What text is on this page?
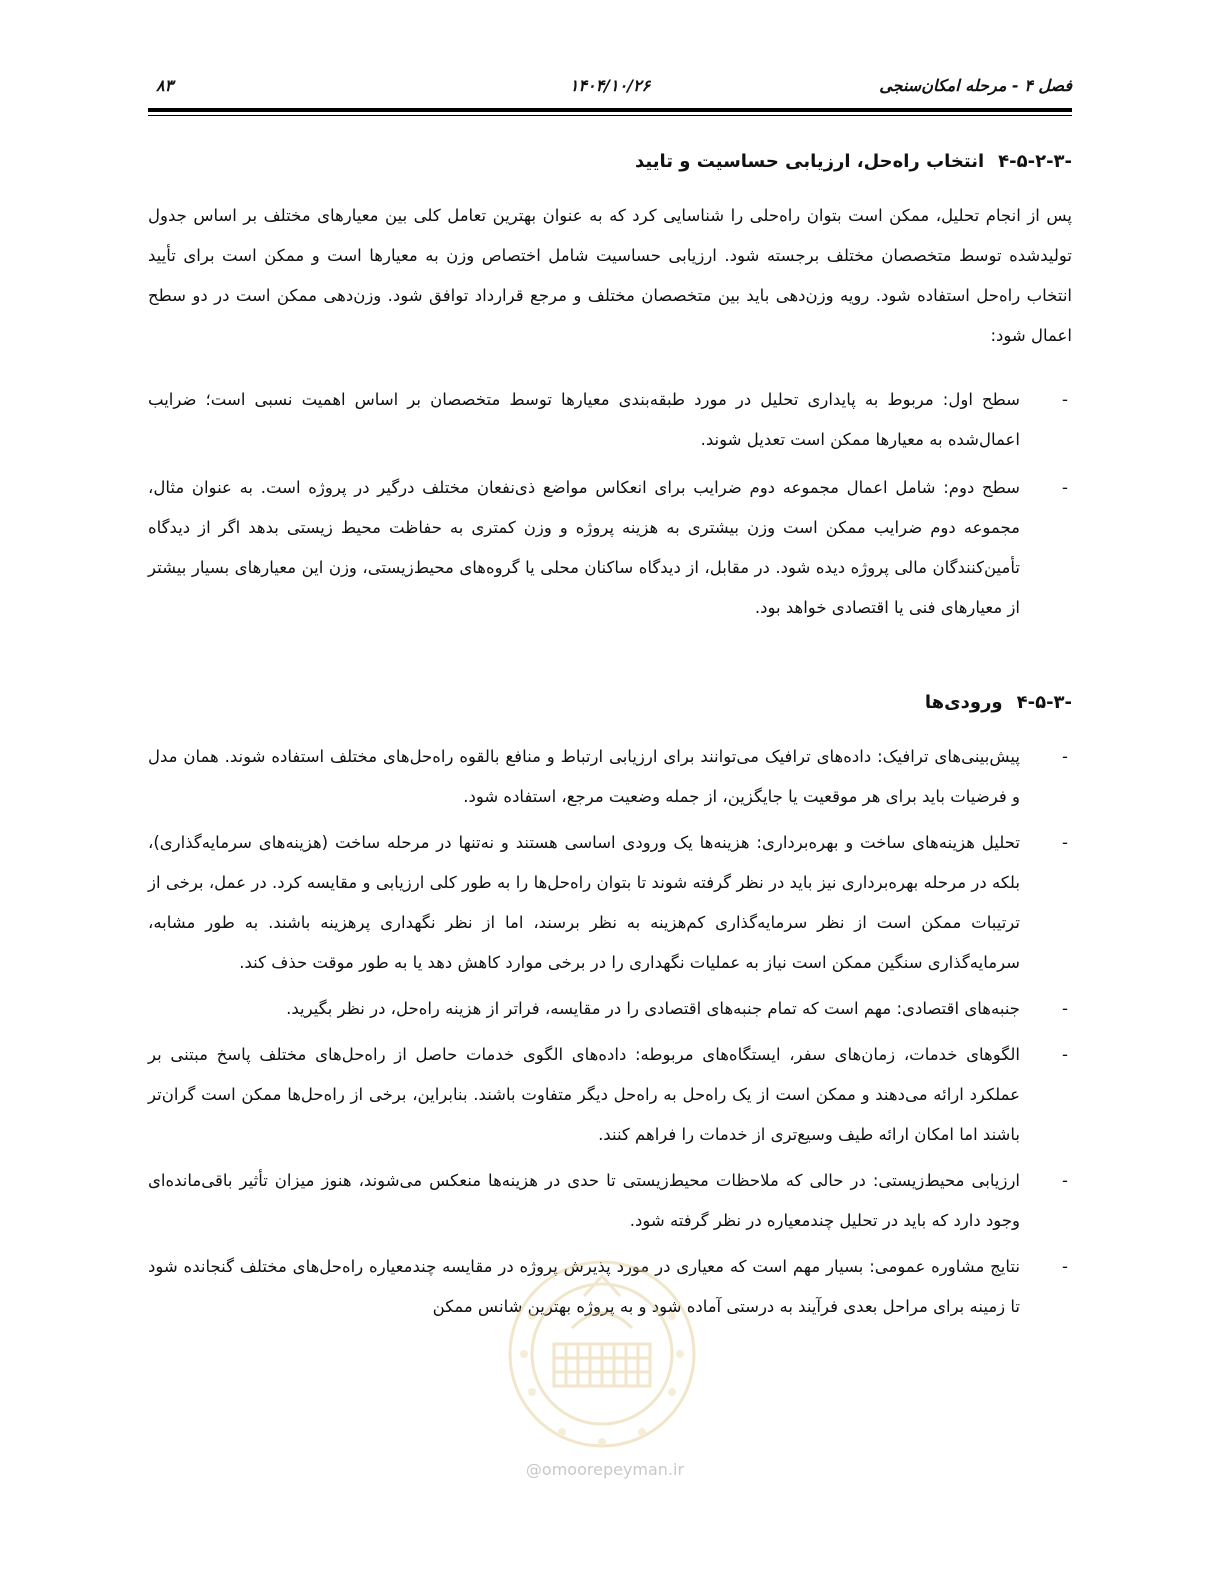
فصل ۴ - مرحله امکان‌سنجی
۱۴۰۴/۱۰/۲۶
۸۳
۴-۵-۲-۳-انتخاب راه‌حل، ارزیابی حساسیت و تایید
پس از انجام تحلیل، ممکن است بتوان راه‌حلی را شناسایی کرد که به عنوان بهترین تعامل کلی بین معیارهای مختلف بر اساس جدول تولیدشده توسط متخصصان مختلف برجسته شود. ارزیابی حساسیت شامل اختصاص وزن به معیارها است و ممکن است برای تأیید انتخاب راه‌حل استفاده شود. رویه وزن‌دهی باید بین متخصصان مختلف و مرجع قرارداد توافق شود. وزن‌دهی ممکن است در دو سطح اعمال شود:
-
سطح اول: مربوط به پایداری تحلیل در مورد طبقه‌بندی معیارها توسط متخصصان بر اساس اهمیت نسبی است؛ ضرایب اعمال‌شده به معیارها ممکن است تعدیل شوند.
-
سطح دوم: شامل اعمال مجموعه دوم ضرایب برای انعکاس مواضع ذی‌نفعان مختلف درگیر در پروژه است. به عنوان مثال، مجموعه دوم ضرایب ممکن است وزن بیشتری به هزینه پروژه و وزن کمتری به حفاظت محیط زیستی بدهد اگر از دیدگاه تأمین‌کنندگان مالی پروژه دیده شود. در مقابل، از دیدگاه ساکنان محلی یا گروه‌های محیط‌زیستی، وزن این معیارهای بسیار بیشتر از معیارهای فنی یا اقتصادی خواهد بود.
۴-۵-۳-ورودی‌ها
-
پیش‌بینی‌های ترافیک: داده‌های ترافیک می‌توانند برای ارزیابی ارتباط و منافع بالقوه راه‌حل‌های مختلف استفاده شوند. همان مدل و فرضیات باید برای هر موقعیت یا جایگزین، از جمله وضعیت مرجع، استفاده شود.
-
تحلیل هزینه‌های ساخت و بهره‌برداری: هزینه‌ها یک ورودی اساسی هستند و نه‌تنها در مرحله ساخت (هزینه‌های سرمایه‌گذاری)، بلکه در مرحله بهره‌برداری نیز باید در نظر گرفته شوند تا بتوان راه‌حل‌ها را به طور کلی ارزیابی و مقایسه کرد. در عمل، برخی از ترتیبات ممکن است از نظر سرمایه‌گذاری کم‌هزینه به نظر برسند، اما از نظر نگهداری پرهزینه باشند. به طور مشابه، سرمایه‌گذاری سنگین ممکن است نیاز به عملیات نگهداری را در برخی موارد کاهش دهد یا به طور موقت حذف کند.
-
جنبه‌های اقتصادی: مهم است که تمام جنبه‌های اقتصادی را در مقایسه، فراتر از هزینه راه‌حل، در نظر بگیرید.
-
الگوهای خدمات، زمان‌های سفر، ایستگاه‌های مربوطه: داده‌های الگوی خدمات حاصل از راه‌حل‌های مختلف پاسخ مبتنی بر عملکرد ارائه می‌دهند و ممکن است از یک راه‌حل به راه‌حل دیگر متفاوت باشند. بنابراین، برخی از راه‌حل‌ها ممکن است گران‌تر باشند اما امکان ارائه طیف وسیع‌تری از خدمات را فراهم کنند.
-
ارزیابی محیط‌زیستی: در حالی که ملاحظات محیط‌زیستی تا حدی در هزینه‌ها منعکس می‌شوند، هنوز میزان تأثیر باقی‌مانده‌ای وجود دارد که باید در تحلیل چندمعیاره در نظر گرفته شود.
-
نتایج مشاوره عمومی: بسیار مهم است که معیاری در مورد پذیرش پروژه در مقایسه چندمعیاره راه‌حل‌های مختلف گنجانده شود تا زمینه برای مراحل بعدی فرآیند به درستی آماده شود و به پروژه بهترین شانس ممکن
@omoorepeyman.ir
